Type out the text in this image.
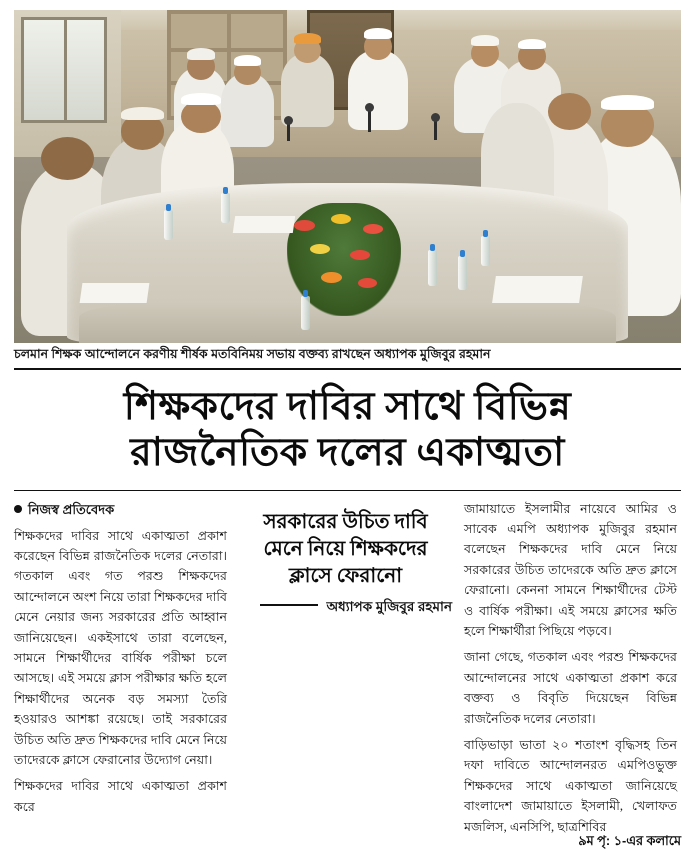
চলমান শিক্ষক আন্দোলনে করণীয় শীর্ষক মতবিনিময় সভায় বক্তব্য রাখছেন অধ্যাপক মুজিবুর রহমান
শিক্ষকদের দাবির সাথে বিভিন্ন
রাজনৈতিক দলের একাত্মতা
নিজস্ব প্রতিবেদক

শিক্ষকদের দাবির সাথে একাত্মতা প্রকাশ করেছেন বিভিন্ন রাজনৈতিক দলের নেতারা। গতকাল এবং গত পরশু শিক্ষকদের আন্দোলনে অংশ নিয়ে তারা শিক্ষকদের দাবি মেনে নেয়ার জন্য সরকারের প্রতি আহ্বান জানিয়েছেন। একইসাথে তারা বলেছেন, সামনে শিক্ষার্থীদের বার্ষিক পরীক্ষা চলে আসছে। এই সময়ে ক্লাস পরীক্ষার ক্ষতি হলে শিক্ষার্থীদের অনেক বড় সমস্যা তৈরি হওয়ারও আশঙ্কা রয়েছে। তাই সরকারের উচিত অতি দ্রুত শিক্ষকদের দাবি মেনে নিয়ে তাদেরকে ক্লাসে ফেরানোর উদ্যোগ নেয়া।

শিক্ষকদের দাবির সাথে একাত্মতা প্রকাশ করে

সরকারের উচিত দাবি
মেনে নিয়ে শিক্ষকদের
ক্লাসে ফেরানো
অধ্যাপক মুজিবুর রহমান

জামায়াতে ইসলামীর নায়েবে আমির ও সাবেক এমপি অধ্যাপক মুজিবুর রহমান বলেছেন শিক্ষকদের দাবি মেনে নিয়ে সরকারের উচিত তাদেরকে অতি দ্রুত ক্লাসে ফেরানো। কেননা সামনে শিক্ষার্থীদের টেস্ট ও বার্ষিক পরীক্ষা। এই সময়ে ক্লাসের ক্ষতি হলে শিক্ষার্থীরা পিছিয়ে পড়বে।

জানা গেছে, গতকাল এবং পরশু শিক্ষকদের আন্দোলনের সাথে একাত্মতা প্রকাশ করে বক্তব্য ও বিবৃতি দিয়েছেন বিভিন্ন রাজনৈতিক দলের নেতারা।

বাড়িভাড়া ভাতা ২০ শতাংশ বৃদ্ধিসহ তিন দফা দাবিতে আন্দোলনরত এমপিওভুক্ত শিক্ষকদের সাথে একাত্মতা জানিয়েছে বাংলাদেশ জামায়াতে ইসলামী, খেলাফত মজলিস, এনসিপি, ছাত্রশিবির

৯ম পৃ: ১-এর কলামে
